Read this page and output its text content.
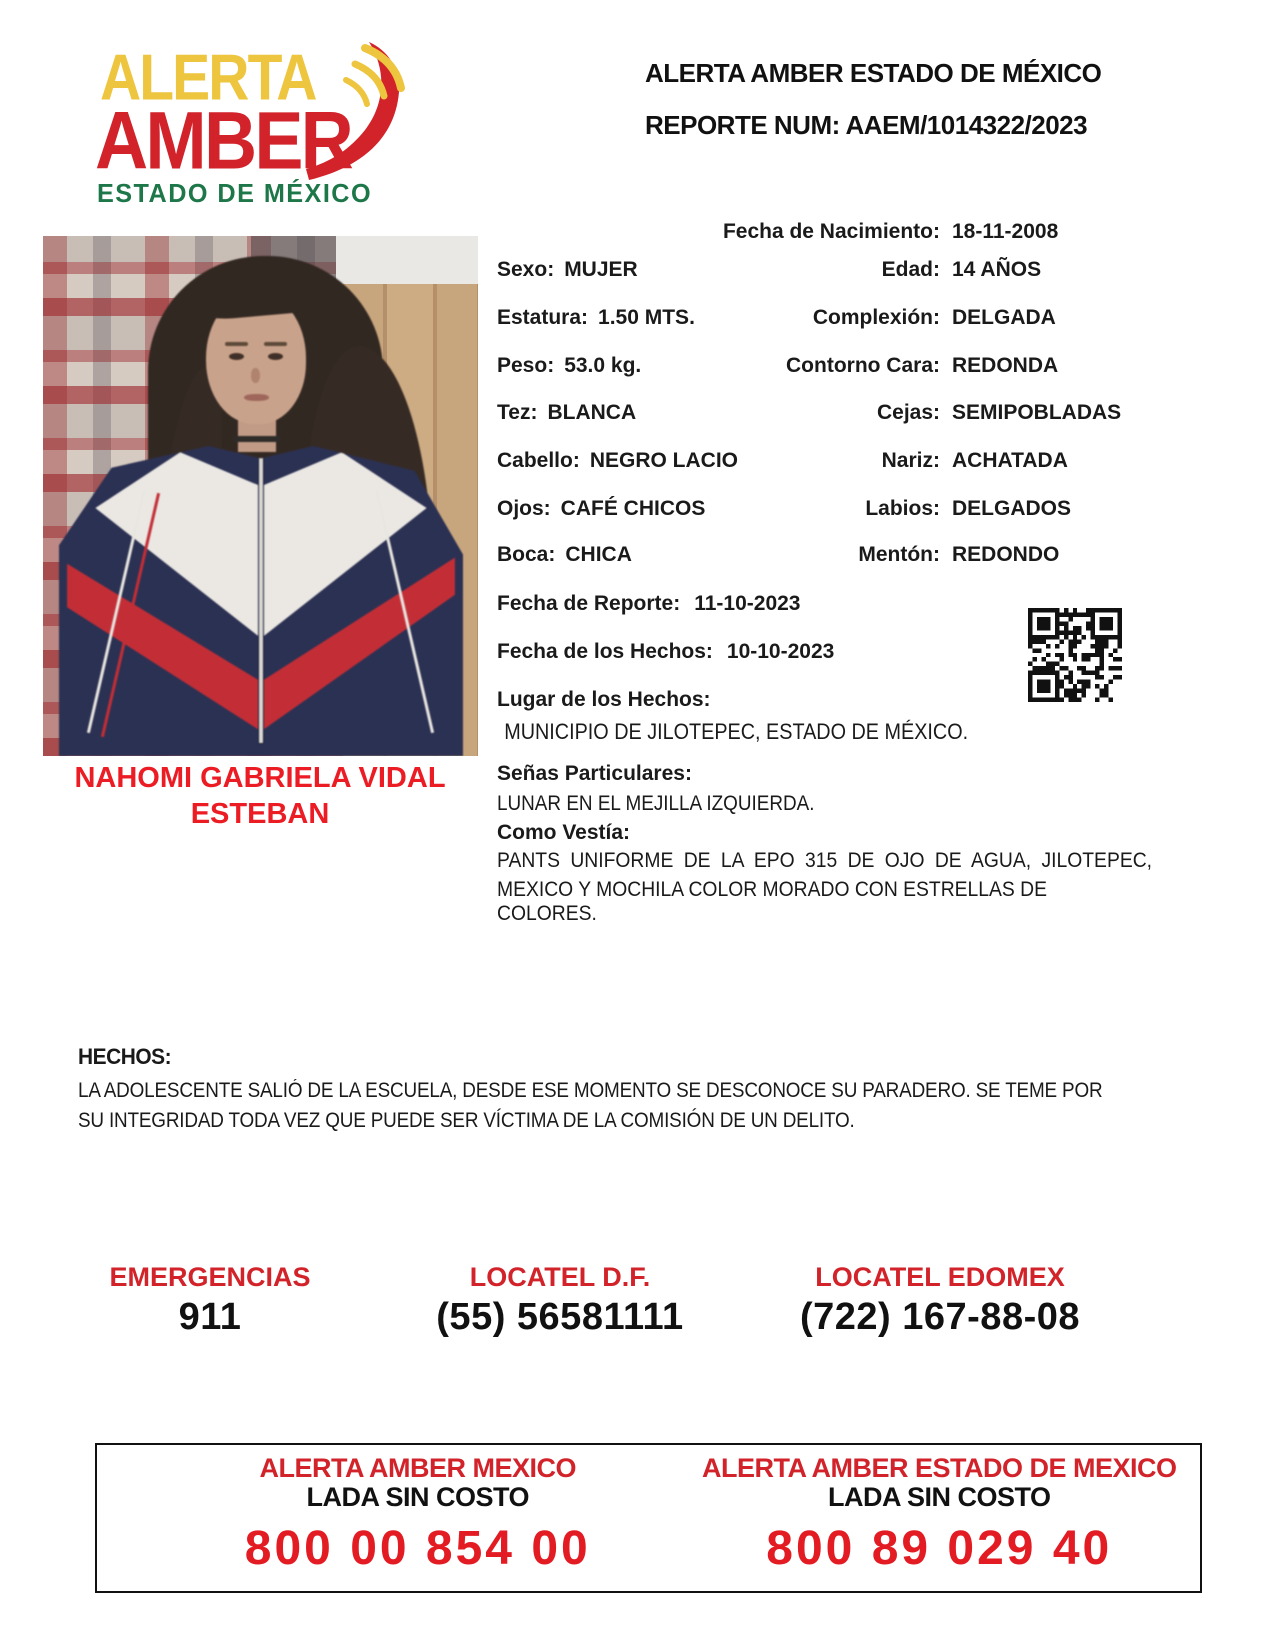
ALERTA
AMBER
ESTADO DE MÉXICO
ALERTA AMBER ESTADO DE MÉXICO
REPORTE NUM: AAEM/1014322/2023
NAHOMI GABRIELA VIDAL ESTEBAN
Fecha de Nacimiento: 18-11-2008
Sexo: MUJER	Edad: 14 AÑOS
Estatura: 1.50 MTS.	Complexión: DELGADA
Peso: 53.0 kg.	Contorno Cara: REDONDA
Tez: BLANCA	Cejas: SEMIPOBLADAS
Cabello: NEGRO LACIO	Nariz: ACHATADA
Ojos: CAFÉ CHICOS	Labios: DELGADOS
Boca: CHICA	Mentón: REDONDO
Fecha de Reporte: 11-10-2023
Fecha de los Hechos: 10-10-2023
Lugar de los Hechos:
MUNICIPIO DE JILOTEPEC, ESTADO DE MÉXICO.
Señas Particulares:
LUNAR EN EL MEJILLA IZQUIERDA.
Como Vestía:
PANTS UNIFORME DE LA EPO 315 DE OJO DE AGUA, JILOTEPEC,
MEXICO Y MOCHILA COLOR MORADO CON ESTRELLAS DE COLORES.
HECHOS:
LA ADOLESCENTE SALIÓ DE LA ESCUELA, DESDE ESE MOMENTO SE DESCONOCE SU PARADERO. SE TEME POR SU INTEGRIDAD TODA VEZ QUE PUEDE SER VÍCTIMA DE LA COMISIÓN DE UN DELITO.
EMERGENCIAS
911
LOCATEL D.F.
(55) 56581111
LOCATEL EDOMEX
(722) 167-88-08
ALERTA AMBER MEXICO
LADA SIN COSTO
800 00 854 00
ALERTA AMBER ESTADO DE MEXICO
LADA SIN COSTO
800 89 029 40
